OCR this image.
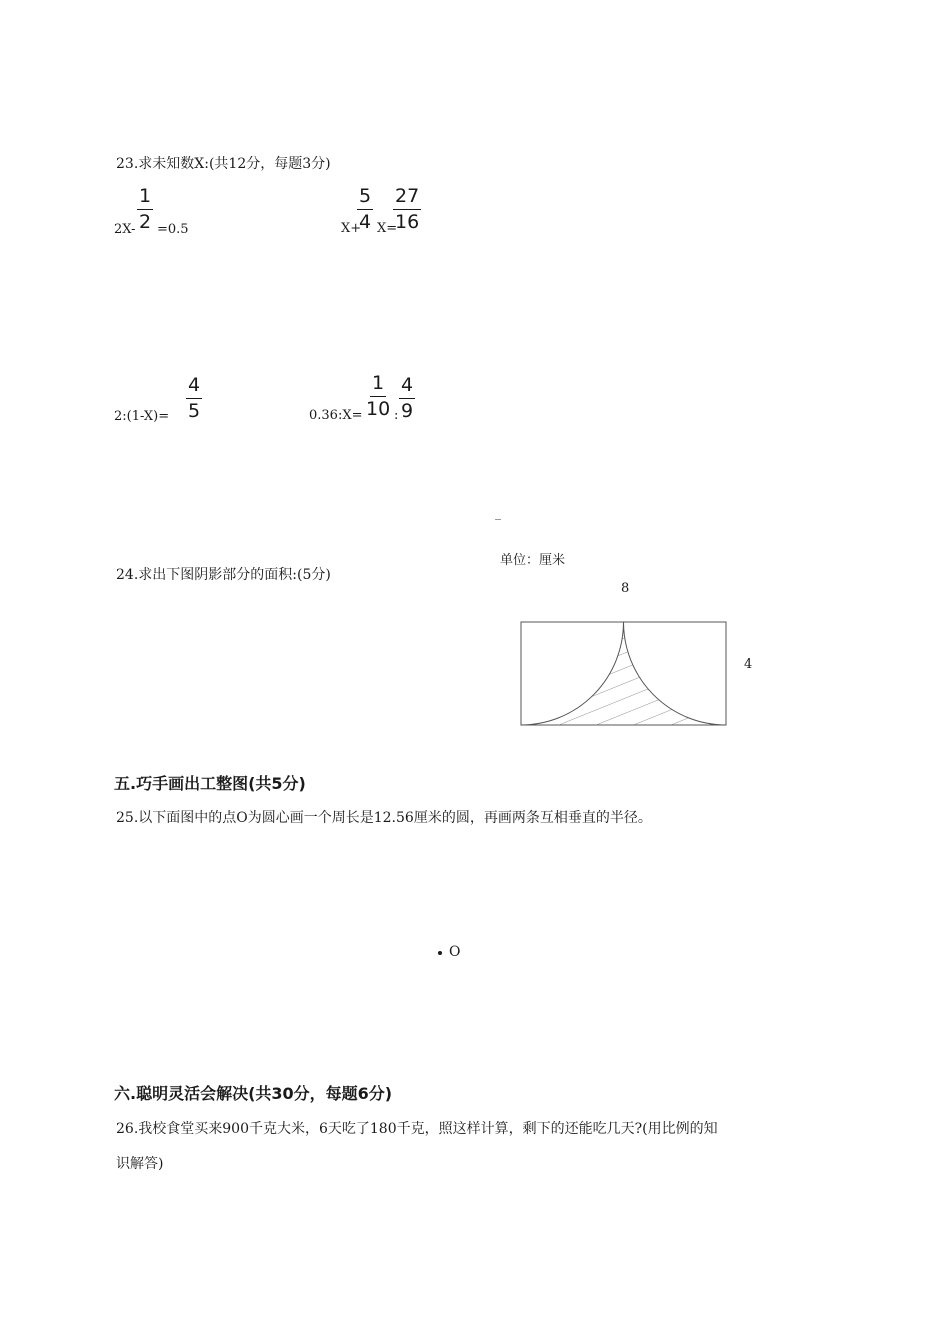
23.求未知数X:(共12分，每题3分)
$2X- \frac{1}{2} =0.5$	X+
$\frac{5}{4} X=$
$\frac{27}{16}$
2:(1-X)= $\frac{4}{5}$	0.36:X= $\frac{1}{10}$ : $\frac{4}{9}$
24.求出下图阴影部分的面积:(5分)
单位：厘米
8
4
五.巧手画出工整图(共5分)
25.以下面图中的点O为圆心画一个周长是12.56厘米的圆，再画两条互相垂直的半径。
O
六.聪明灵活会解决(共30分，每题6分)
26.我校食堂买来900千克大米，6天吃了180千克，照这样计算，剩下的还能吃几天?(用比例的知
识解答)
